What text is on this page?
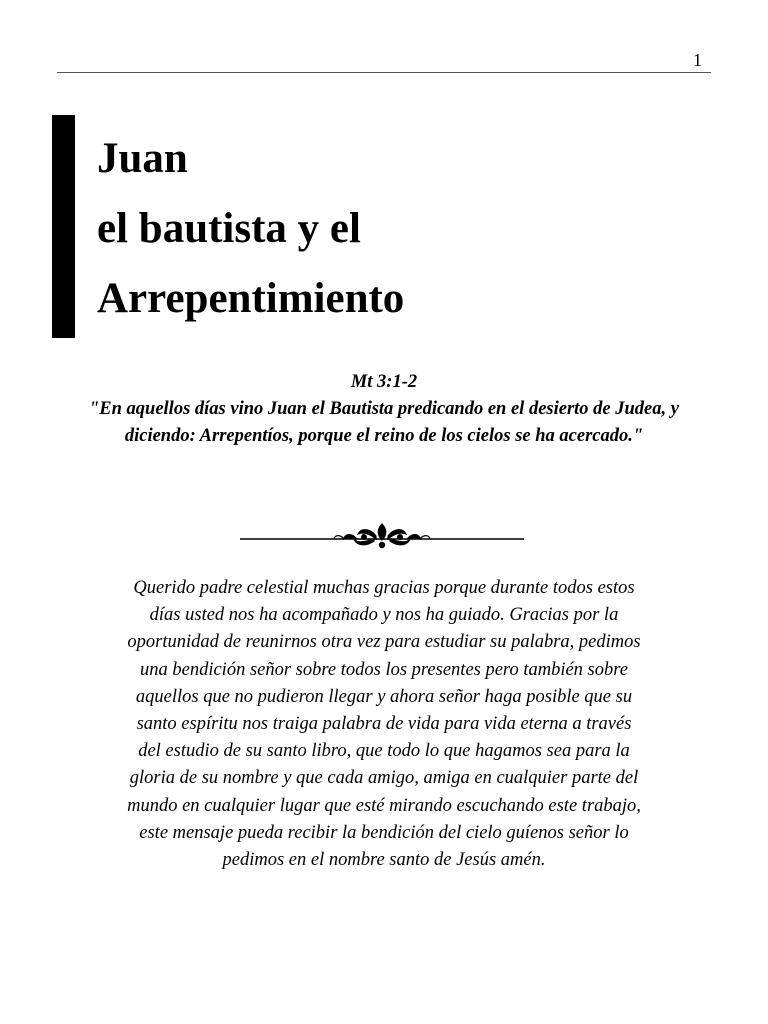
1
Juan
el bautista y el
Arrepentimiento
Mt 3:1-2
"En aquellos días vino Juan el Bautista predicando en el desierto de Judea, y diciendo: Arrepentíos, porque el reino de los cielos se ha acercado."

Querido padre celestial muchas gracias porque durante todos estos días usted nos ha acompañado y nos ha guiado. Gracias por la oportunidad de reunirnos otra vez para estudiar su palabra, pedimos una bendición señor sobre todos los presentes pero también sobre aquellos que no pudieron llegar y ahora señor haga posible que su santo espíritu nos traiga palabra de vida para vida eterna a través del estudio de su santo libro, que todo lo que hagamos sea para la gloria de su nombre y que cada amigo, amiga en cualquier parte del mundo en cualquier lugar que esté mirando escuchando este trabajo, este mensaje pueda recibir la bendición del cielo guíenos señor lo pedimos en el nombre santo de Jesús amén.
